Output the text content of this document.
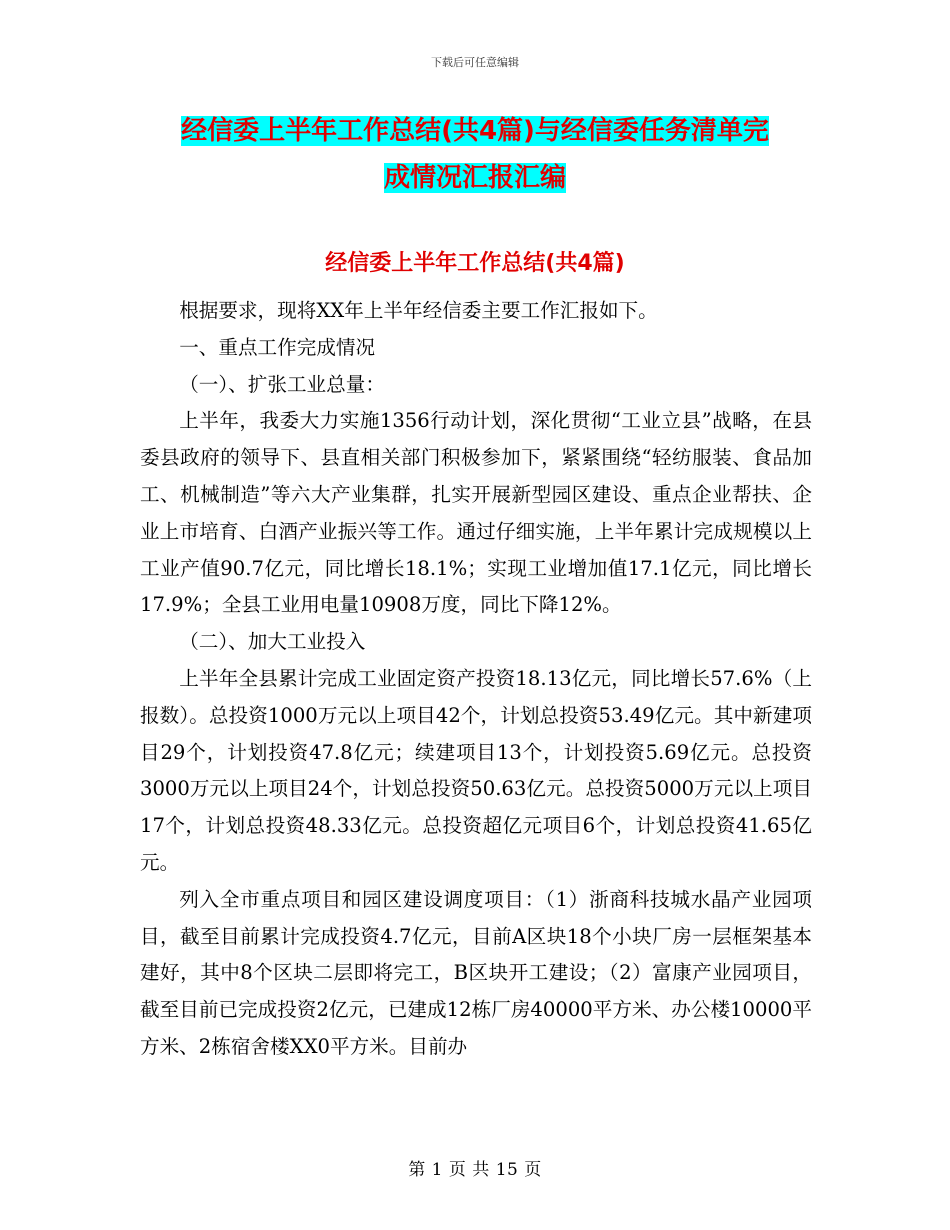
下载后可任意编辑
经信委上半年工作总结(共4篇)与经信委任务清单完
成情况汇报汇编
经信委上半年工作总结(共4篇)

根据要求，现将XX年上半年经信委主要工作汇报如下。

一、重点工作完成情况

（一）、扩张工业总量：

上半年，我委大力实施1356行动计划，深化贯彻“工业立县”战略，在县委县政府的领导下、县直相关部门积极参加下，紧紧围绕“轻纺服装、食品加工、机械制造”等六大产业集群，扎实开展新型园区建设、重点企业帮扶、企业上市培育、白酒产业振兴等工作。通过仔细实施，上半年累计完成规模以上工业产值90.7亿元，同比增长18.1%；实现工业增加值17.1亿元，同比增长17.9%；全县工业用电量10908万度，同比下降12%。

（二）、加大工业投入

上半年全县累计完成工业固定资产投资18.13亿元，同比增长57.6%（上报数）。总投资1000万元以上项目42个，计划总投资53.49亿元。其中新建项目29个，计划投资47.8亿元；续建项目13个，计划投资5.69亿元。总投资3000万元以上项目24个，计划总投资50.63亿元。总投资5000万元以上项目17个，计划总投资48.33亿元。总投资超亿元项目6个，计划总投资41.65亿元。

列入全市重点项目和园区建设调度项目：（1）浙商科技城水晶产业园项目，截至目前累计完成投资4.7亿元，目前A区块18个小块厂房一层框架基本建好，其中8个区块二层即将完工，B区块开工建设；（2）富康产业园项目，截至目前已完成投资2亿元，已建成12栋厂房40000平方米、办公楼10000平方米、2栋宿舍楼XX0平方米。目前办

第 1 页 共 15 页
